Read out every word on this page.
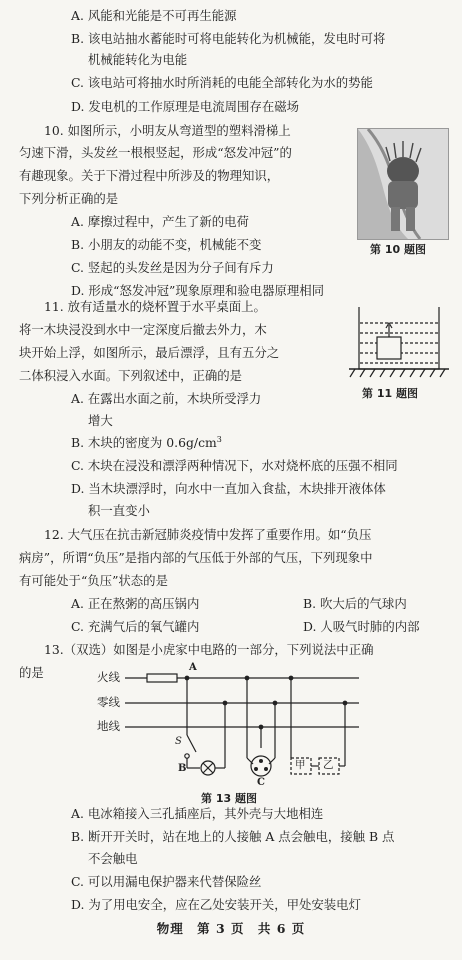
A. 风能和光能是不可再生能源
B. 该电站抽水蓄能时可将电能转化为机械能，发电时可将
机械能转化为电能
C. 该电站可将抽水时所消耗的电能全部转化为水的势能
D. 发电机的工作原理是电流周围存在磁场
10. 如图所示，小明友从弯道型的塑料滑梯上
匀速下滑，头发丝一根根竖起，形成“怒发冲冠”的
有趣现象。关于下滑过程中所涉及的物理知识，
下列分析正确的是
A. 摩擦过程中，产生了新的电荷
B. 小朋友的动能不变，机械能不变
C. 竖起的头发丝是因为分子间有斥力
D. 形成“怒发冲冠”现象原理和验电器原理相同
第 10 题图
11. 放有适量水的烧杯置于水平桌面上。
将一木块浸没到水中一定深度后撤去外力，木
块开始上浮，如图所示，最后漂浮，且有五分之
二体积浸入水面。下列叙述中，正确的是
A. 在露出水面之前，木块所受浮力
增大
B. 木块的密度为 $0.6g/cm^3$
C. 木块在浸没和漂浮两种情况下，水对烧杯底的压强不相同
D. 当木块漂浮时，向水中一直加入食盐，木块排开液体体
积一直变小
第 11 题图
12. 大气压在抗击新冠肺炎疫情中发挥了重要作用。如“负压
病房”，所谓“负压”是指内部的气压低于外部的气压，下列现象中
有可能处于“负压”状态的是
A. 正在熬粥的高压锅内	B. 吹大后的气球内
C. 充满气后的氧气罐内	D. 人吸气时肺的内部
13.（双选）如图是小虎家中电路的一部分，下列说法中正确
的是	火线
零线
地线
A
B
C
S
甲 乙
第 13 题图
A. 电冰箱接入三孔插座后，其外壳与大地相连
B. 断开开关时，站在地上的人接触 A 点会触电，接触 B 点
不会触电
C. 可以用漏电保护器来代替保险丝
D. 为了用电安全，应在乙处安装开关，甲处安装电灯
物理 第 3 页 共 6 页
